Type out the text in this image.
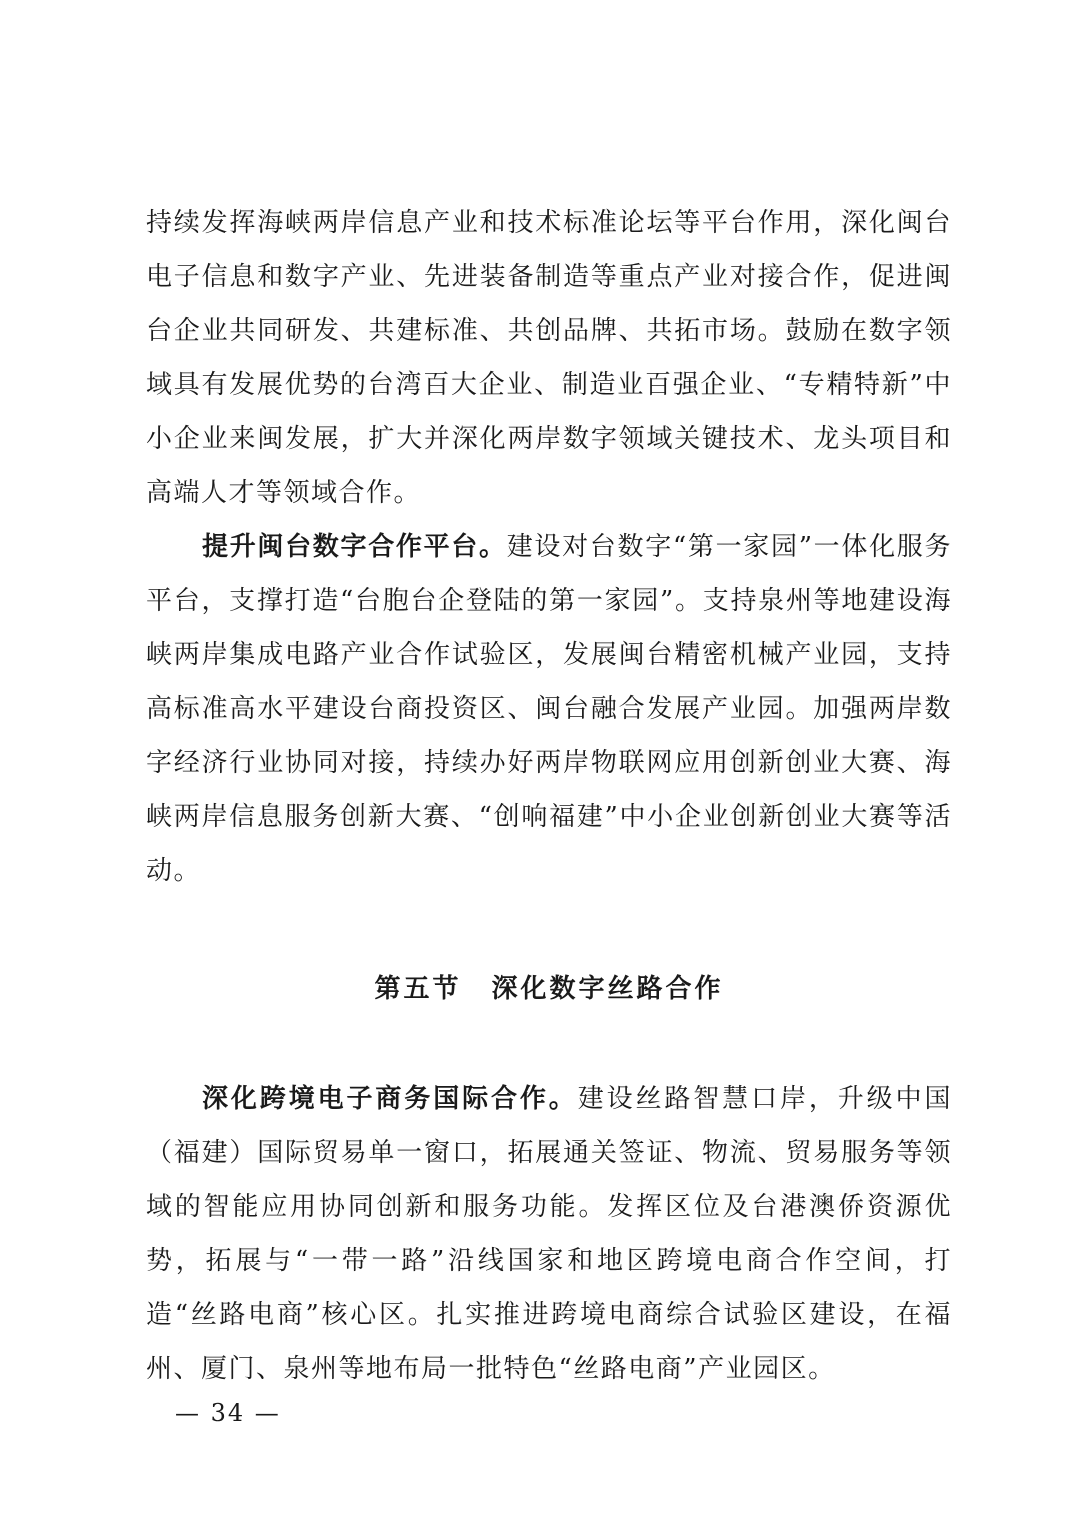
持续发挥海峡两岸信息产业和技术标准论坛等平台作用，深化闽台电子信息和数字产业、先进装备制造等重点产业对接合作，促进闽台企业共同研发、共建标准、共创品牌、共拓市场。鼓励在数字领域具有发展优势的台湾百大企业、制造业百强企业、“专精特新”中小企业来闽发展，扩大并深化两岸数字领域关键技术、龙头项目和高端人才等领域合作。

提升闽台数字合作平台。建设对台数字“第一家园”一体化服务平台，支撑打造“台胞台企登陆的第一家园”。支持泉州等地建设海峡两岸集成电路产业合作试验区，发展闽台精密机械产业园，支持高标准高水平建设台商投资区、闽台融合发展产业园。加强两岸数字经济行业协同对接，持续办好两岸物联网应用创新创业大赛、海峡两岸信息服务创新大赛、“创响福建”中小企业创新创业大赛等活动。

第五节 深化数字丝路合作

深化跨境电子商务国际合作。建设丝路智慧口岸，升级中国（福建）国际贸易单一窗口，拓展通关签证、物流、贸易服务等领域的智能应用协同创新和服务功能。发挥区位及台港澳侨资源优势，拓展与“一带一路”沿线国家和地区跨境电商合作空间，打造“丝路电商”核心区。扎实推进跨境电商综合试验区建设，在福州、厦门、泉州等地布局一批特色“丝路电商”产业园区。

— 34 —
